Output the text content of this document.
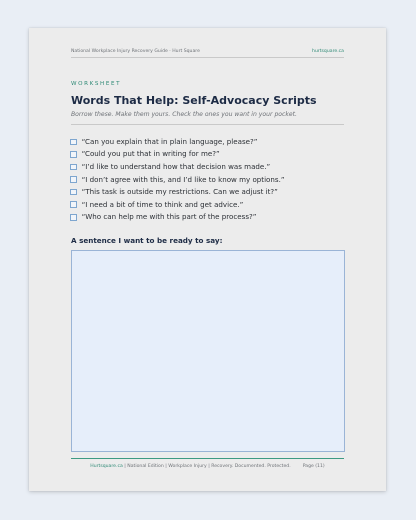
National Workplace Injury Recovery Guide · Hurt Square	hurtsquare.ca
WORKSHEET
Words That Help: Self-Advocacy Scripts
Borrow these. Make them yours. Check the ones you want in your pocket.
“Can you explain that in plain language, please?”
“Could you put that in writing for me?”
“I’d like to understand how that decision was made.”
“I don’t agree with this, and I’d like to know my options.”
“This task is outside my restrictions. Can we adjust it?”
“I need a bit of time to think and get advice.”
“Who can help me with this part of the process?”
A sentence I want to be ready to say:
Hurtsquare.ca | National Edition | Workplace Injury | Recovery. Documented. Protected.	Page (11)
